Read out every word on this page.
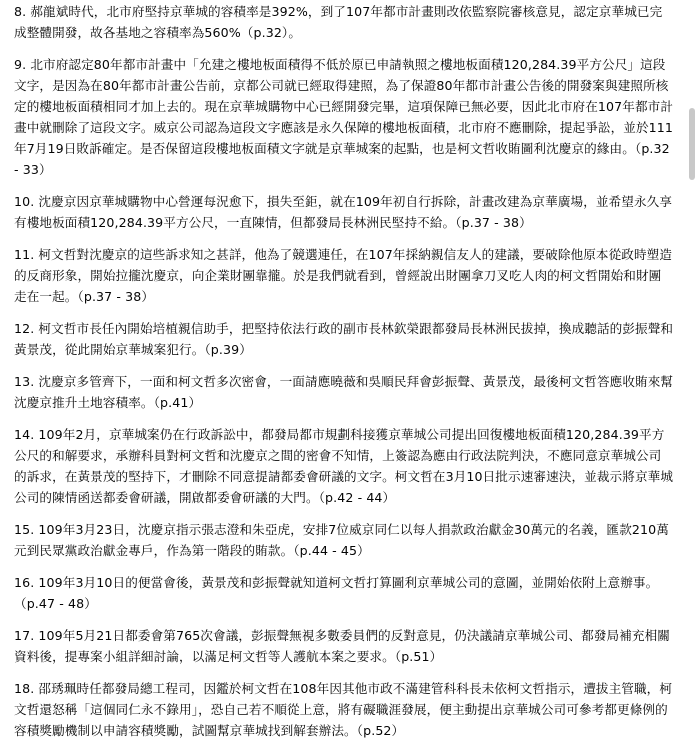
8. 郝龍斌時代，北市府堅持京華城的容積率是392%，到了107年都市計畫則改依監察院審核意見，認定京華城已完成整體開發，故各基地之容積率為560%（p.32）。

9. 北市府認定80年都市計畫中「允建之樓地板面積得不低於原已申請執照之樓地板面積120,284.39平方公尺」這段文字，是因為在80年都市計畫公告前，京都公司就已經取得建照，為了保證80年都市計畫公告後的開發案與建照所核定的樓地板面積相同才加上去的。現在京華城購物中心已經開發完畢，這項保障已無必要，因此北市府在107年都市計畫中就刪除了這段文字。威京公司認為這段文字應該是永久保障的樓地板面積，北市府不應刪除，提起爭訟，並於111年7月19日敗訴確定。是否保留這段樓地板面積文字就是京華城案的起點，也是柯文哲收賄圖利沈慶京的緣由。（p.32 - 33）

10. 沈慶京因京華城購物中心營運每況愈下，損失至鉅，就在109年初自行拆除，計畫改建為京華廣場，並希望永久享有樓地板面積120,284.39平方公尺，一直陳情，但都發局長林洲民堅持不給。（p.37 - 38）

11. 柯文哲對沈慶京的這些訴求知之甚詳，他為了競選連任，在107年採納親信友人的建議，要破除他原本從政時塑造的反商形象，開始拉攏沈慶京，向企業財團靠攏。於是我們就看到，曾經說出財團拿刀叉吃人肉的柯文哲開始和財團走在一起。（p.37 - 38）

12. 柯文哲市長任內開始培植親信助手，把堅持依法行政的副市長林欽榮跟都發局長林洲民拔掉，換成聽話的彭振聲和黃景茂，從此開始京華城案犯行。（p.39）

13. 沈慶京多管齊下，一面和柯文哲多次密會，一面請應曉薇和吳順民拜會彭振聲、黃景茂，最後柯文哲答應收賄來幫沈慶京推升土地容積率。（p.41）

14. 109年2月，京華城案仍在行政訴訟中，都發局都市規劃科接獲京華城公司提出回復樓地板面積120,284.39平方公尺的和解要求，承辦科員對柯文哲和沈慶京之間的密會不知情，上簽認為應由行政法院判決，不應同意京華城公司的訴求，在黃景茂的堅持下，才刪除不同意提請都委會研議的文字。柯文哲在3月10日批示速審速決，並裁示將京華城公司的陳情函送都委會研議，開啟都委會研議的大門。（p.42 - 44）

15. 109年3月23日，沈慶京指示張志澄和朱亞虎，安排7位威京同仁以每人捐款政治獻金30萬元的名義，匯款210萬元到民眾黨政治獻金專戶，作為第一階段的賄款。（p.44 - 45）

16. 109年3月10日的便當會後，黃景茂和彭振聲就知道柯文哲打算圖利京華城公司的意圖，並開始依附上意辦事。（p.47 - 48）

17. 109年5月21日都委會第765次會議，彭振聲無視多數委員們的反對意見，仍決議請京華城公司、都發局補充相關資料後，提專案小組詳細討論，以滿足柯文哲等人護航本案之要求。（p.51）

18. 邵琇珮時任都發局總工程司，因鑑於柯文哲在108年因其他市政不滿建管科科長未依柯文哲指示，遭拔主管職，柯文哲還怒稱「這個同仁永不錄用」，恐自己若不順從上意，將有礙職涯發展，便主動提出京華城公司可參考都更條例的容積獎勵機制以申請容積獎勵，試圖幫京華城找到解套辦法。（p.52）
